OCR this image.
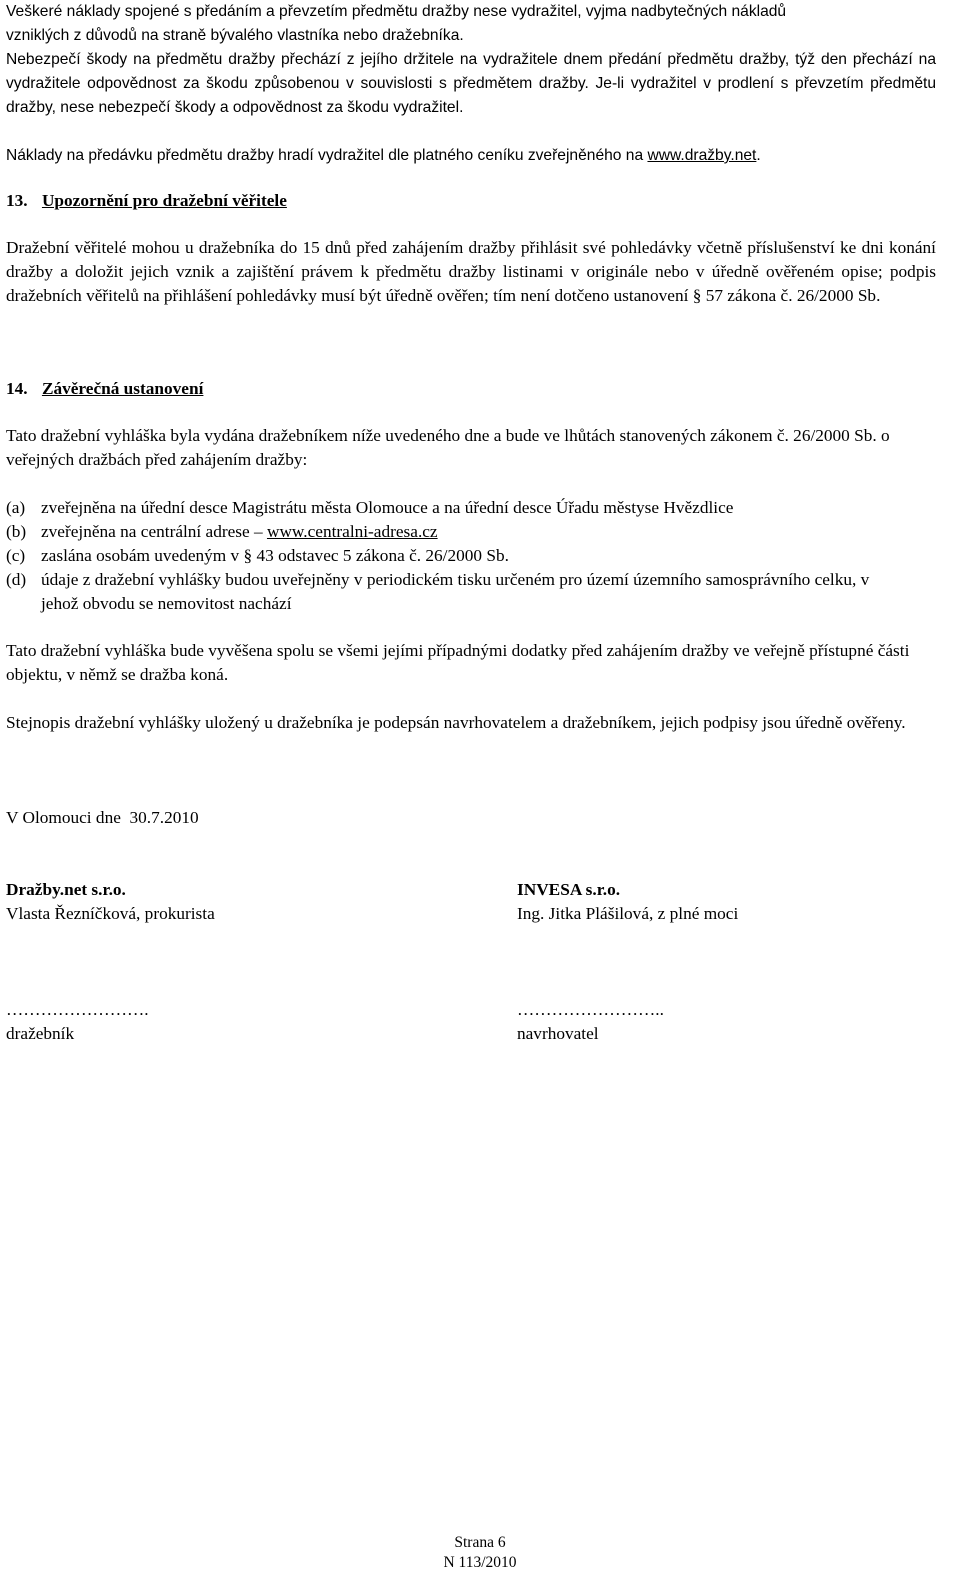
Veškeré náklady spojené s předáním a převzetím předmětu dražby nese vydražitel, vyjma nadbytečných nákladů
vzniklých z důvodů na straně bývalého vlastníka nebo dražebníka.

Nebezpečí škody na předmětu dražby přechází z jejího držitele na vydražitele dnem předání předmětu dražby, týž den přechází na vydražitele odpovědnost za škodu způsobenou v souvislosti s předmětem dražby. Je-li vydražitel v prodlení s převzetím předmětu dražby, nese nebezpečí škody a odpovědnost za škodu vydražitel.

Náklady na předávku předmětu dražby hradí vydražitel dle platného ceníku zveřejněného na www.dražby.net.
13. Upozornění pro dražební věřitele

Dražební věřitelé mohou u dražebníka do 15 dnů před zahájením dražby přihlásit své pohledávky včetně příslušenství ke dni konání dražby a doložit jejich vznik a zajištění právem k předmětu dražby listinami v originále nebo v úředně ověřeném opise; podpis dražebních věřitelů na přihlášení pohledávky musí být úředně ověřen; tím není dotčeno ustanovení § 57 zákona č. 26/2000 Sb.

14. Závěrečná ustanovení

Tato dražební vyhláška byla vydána dražebníkem níže uvedeného dne a bude ve lhůtách stanovených zákonem č. 26/2000 Sb. o veřejných dražbách před zahájením dražby:

(a) zveřejněna na úřední desce Magistrátu města Olomouce a na úřední desce Úřadu městyse Hvězdlice
(b) zveřejněna na centrální adrese – www.centralni-adresa.cz
(c) zaslána osobám uvedeným v § 43 odstavec 5 zákona č. 26/2000 Sb.
(d) údaje z dražební vyhlášky budou uveřejněny v periodickém tisku určeném pro území územního samosprávního celku, v jehož obvodu se nemovitost nachází

Tato dražební vyhláška bude vyvěšena spolu se všemi jejími případnými dodatky před zahájením dražby ve veřejně přístupné části objektu, v němž se dražba koná.

Stejnopis dražební vyhlášky uložený u dražebníka je podepsán navrhovatelem a dražebníkem, jejich podpisy jsou úředně ověřeny.

V Olomouci dne  30.7.2010
Dražby.net s.r.o.
Vlasta Řezníčková, prokurista
…………………….
dražebník
INVESA s.r.o.
Ing. Jitka Plášilová, z plné moci
……………………..
navrhovatel
Strana 6
N 113/2010
